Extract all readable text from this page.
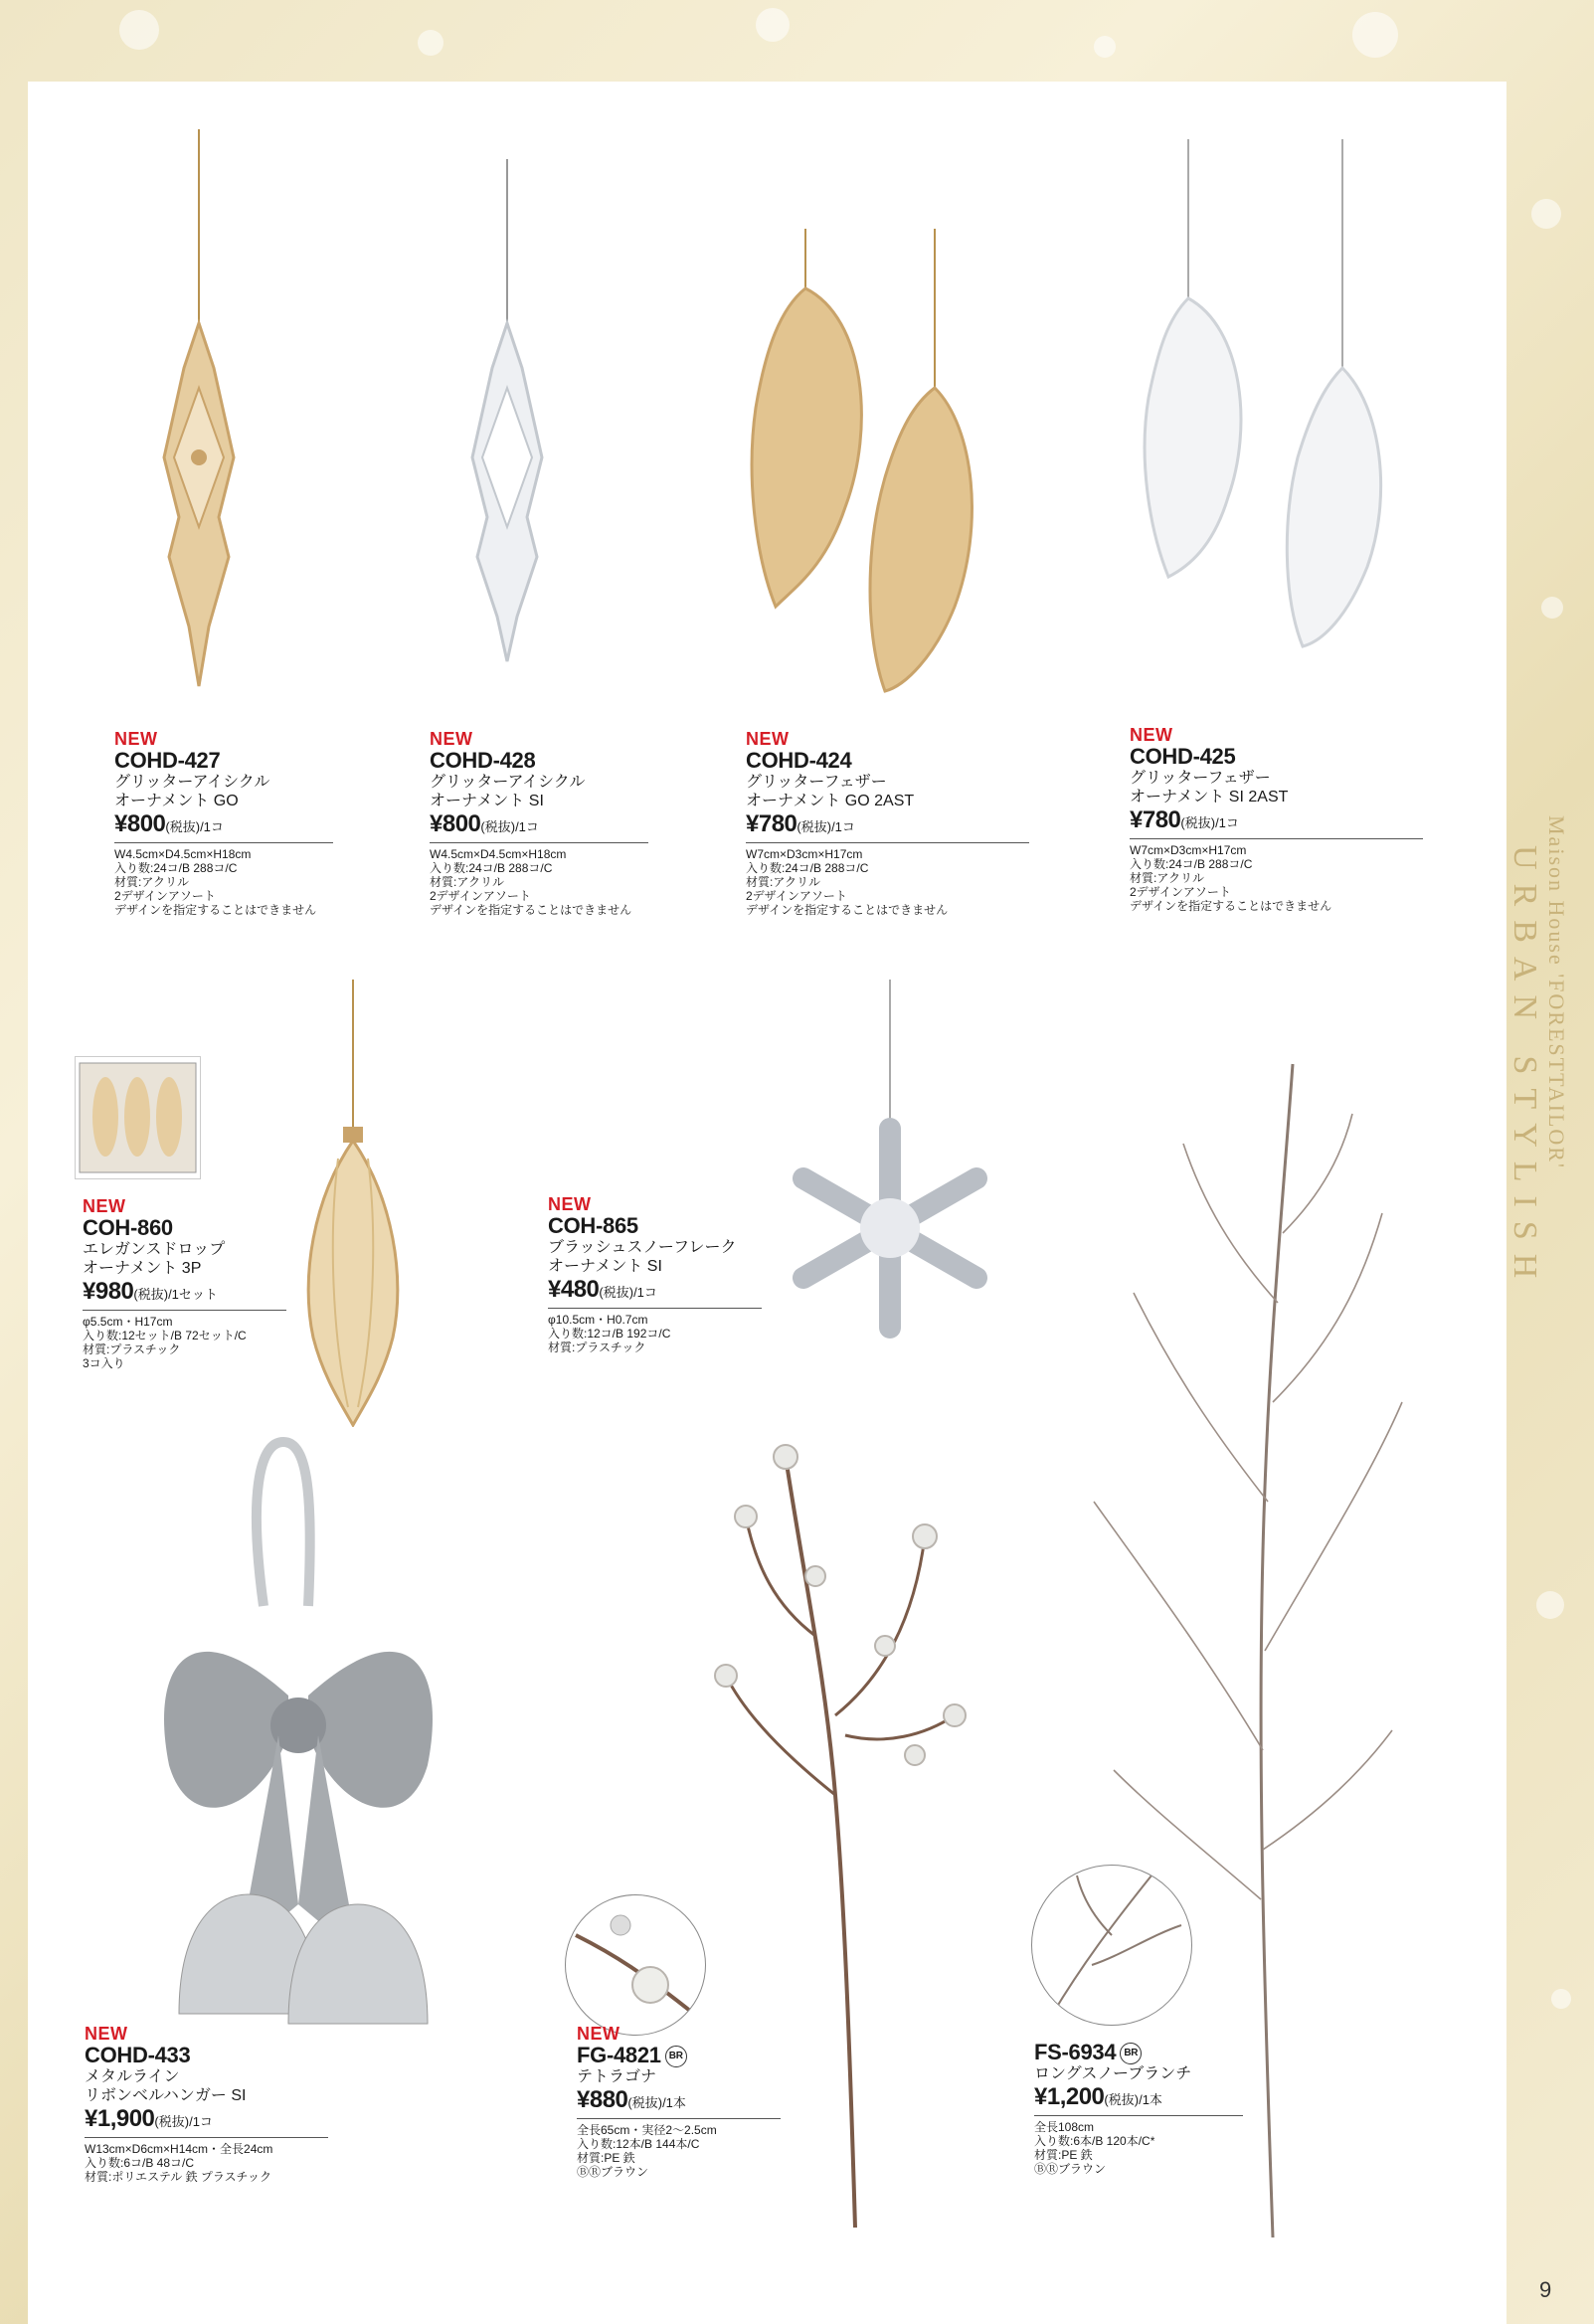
Maison House 'FORESTTAILOR'
URBAN STYLISH
9
NEW
COHD-427
グリッターアイシクル
オーナメント GO
¥800(税抜)/1コ
W4.5cm×D4.5cm×H18cm
入り数:24コ/B 288コ/C
材質:アクリル
2デザインアソート
デザインを指定することはできません
NEW
COHD-428
グリッターアイシクル
オーナメント SI
¥800(税抜)/1コ
W4.5cm×D4.5cm×H18cm
入り数:24コ/B 288コ/C
材質:アクリル
2デザインアソート
デザインを指定することはできません
NEW
COHD-424
グリッターフェザー
オーナメント GO 2AST
¥780(税抜)/1コ
W7cm×D3cm×H17cm
入り数:24コ/B 288コ/C
材質:アクリル
2デザインアソート
デザインを指定することはできません
NEW
COHD-425
グリッターフェザー
オーナメント SI 2AST
¥780(税抜)/1コ
W7cm×D3cm×H17cm
入り数:24コ/B 288コ/C
材質:アクリル
2デザインアソート
デザインを指定することはできません
NEW
COH-860
エレガンスドロップ
オーナメント 3P
¥980(税抜)/1セット
φ5.5cm・H17cm
入り数:12セット/B 72セット/C
材質:プラスチック
3コ入り
NEW
COH-865
ブラッシュスノーフレーク
オーナメント SI
¥480(税抜)/1コ
φ10.5cm・H0.7cm
入り数:12コ/B 192コ/C
材質:プラスチック
NEW
COHD-433
メタルライン
リボンベルハンガー SI
¥1,900(税抜)/1コ
W13cm×D6cm×H14cm・全長24cm
入り数:6コ/B 48コ/C
材質:ポリエステル 鉄 プラスチック
NEW
FG-4821 BR
テトラゴナ
¥880(税抜)/1本
全長65cm・実径2～2.5cm
入り数:12本/B 144本/C
材質:PE 鉄
ⒷⓇブラウン
FS-6934 BR
ロングスノーブランチ
¥1,200(税抜)/1本
全長108cm
入り数:6本/B 120本/C*
材質:PE 鉄
ⒷⓇブラウン
